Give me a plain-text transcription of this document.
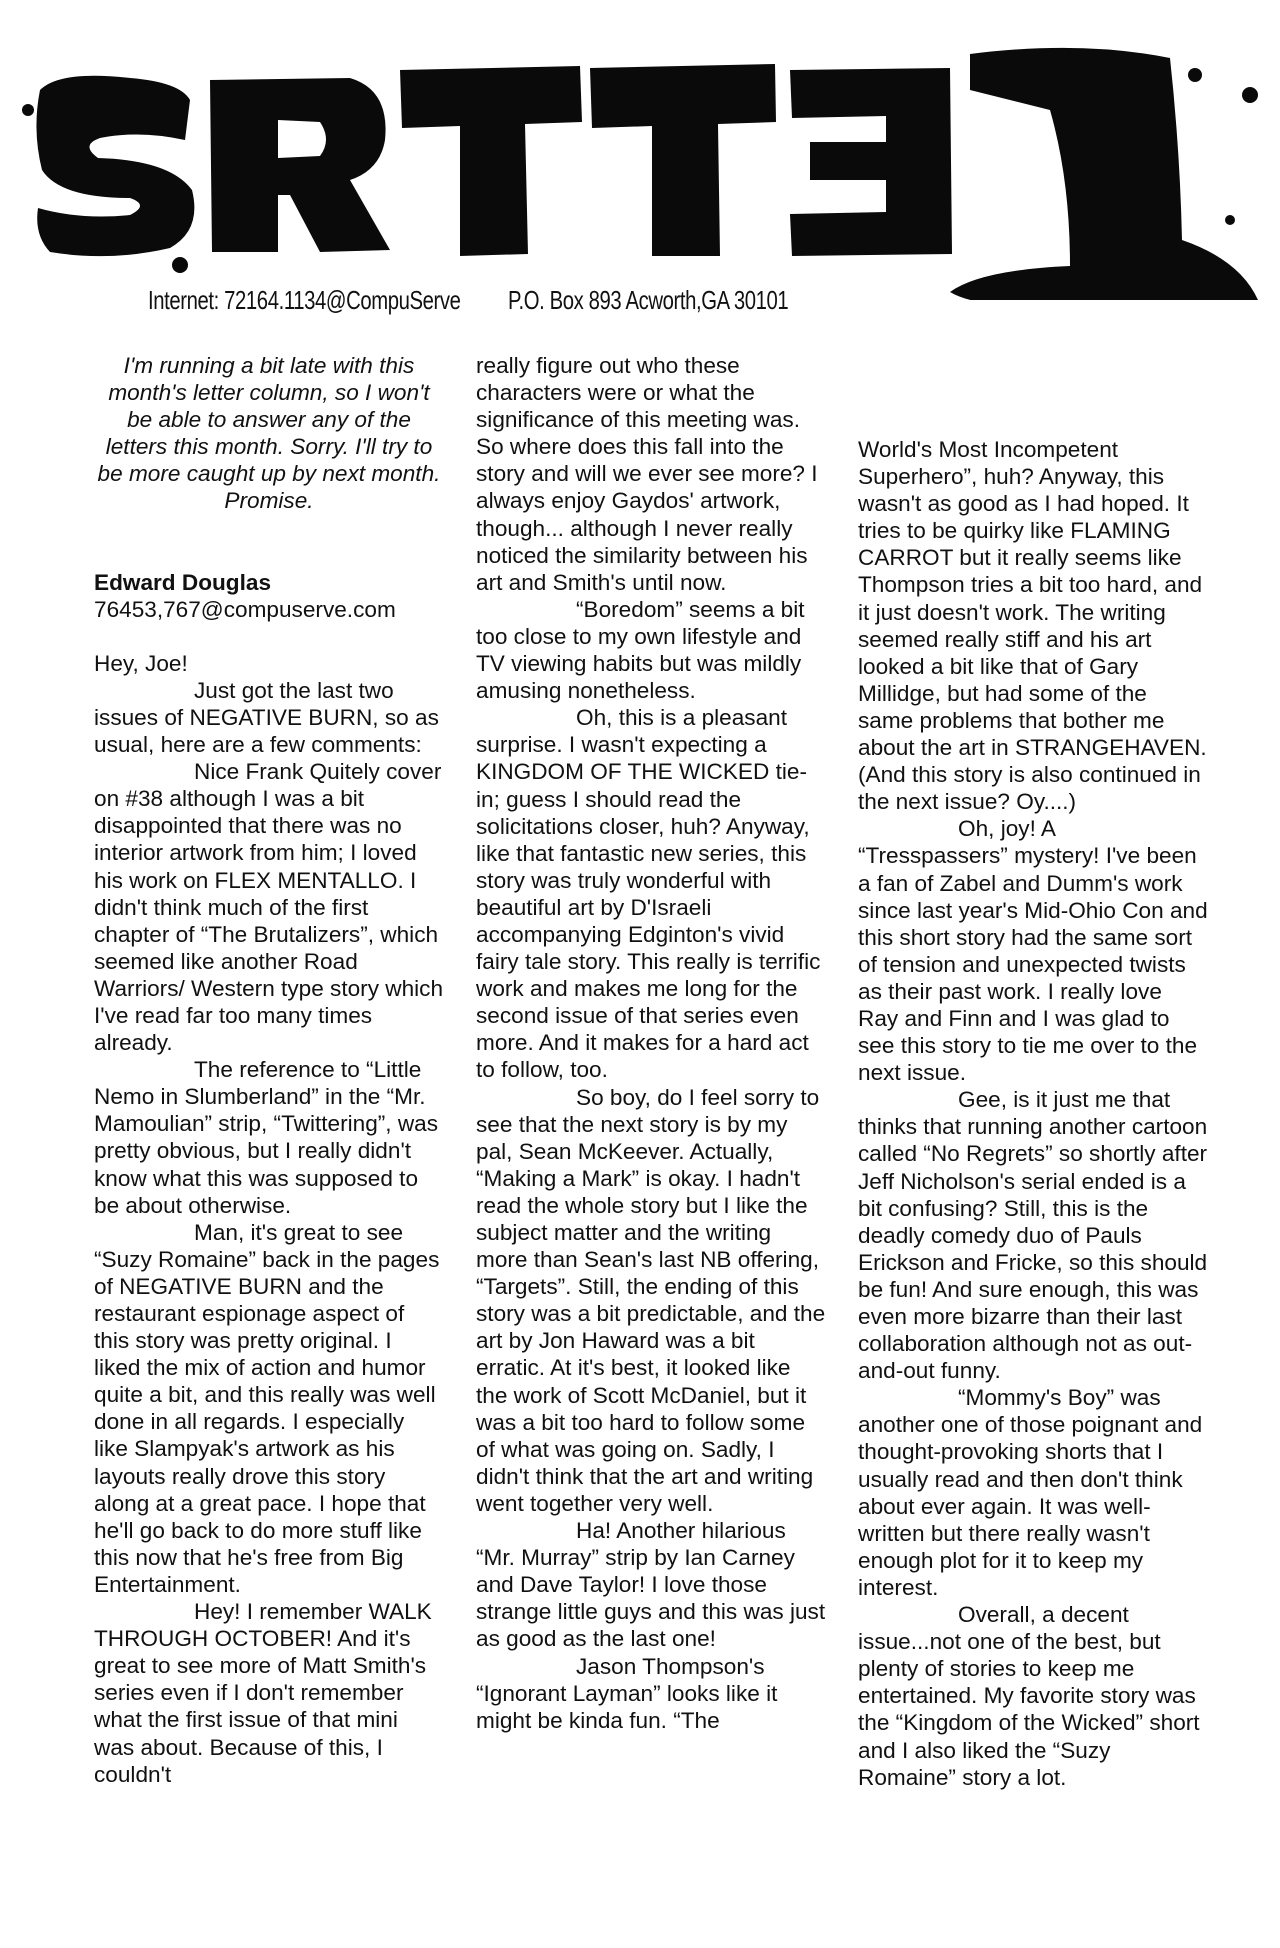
Internet: 72164.1134@CompuServe P.O. Box 893 Acworth,GA 30101

I'm running a bit late with this month's letter column, so I won't be able to answer any of the letters this month. Sorry. I'll try to be more caught up by next month. Promise.

Edward Douglas

76453,767@compuserve.com

Hey, Joe!

Just got the last two issues of NEGATIVE BURN, so as usual, here are a few comments:

Nice Frank Quitely cover on #38 although I was a bit disappointed that there was no interior artwork from him; I loved his work on FLEX MENTALLO. I didn't think much of the first chapter of “The Brutalizers”, which seemed like another Road Warriors/ Western type story which I've read far too many times already.

The reference to “Little Nemo in Slumberland” in the “Mr. Mamoulian” strip, “Twittering”, was pretty obvious, but I really didn't know what this was supposed to be about otherwise.

Man, it's great to see “Suzy Romaine” back in the pages of NEGATIVE BURN and the restaurant espionage aspect of this story was pretty original. I liked the mix of action and humor quite a bit, and this really was well done in all regards. I especially like Slampyak's artwork as his layouts really drove this story along at a great pace. I hope that he'll go back to do more stuff like this now that he's free from Big Entertainment.

Hey! I remember WALK THROUGH OCTOBER! And it's great to see more of Matt Smith's series even if I don't remember what the first issue of that mini was about. Because of this, I couldn't

really figure out who these characters were or what the significance of this meeting was. So where does this fall into the story and will we ever see more? I always enjoy Gaydos' artwork, though... although I never really noticed the similarity between his art and Smith's until now.

“Boredom” seems a bit too close to my own lifestyle and TV viewing habits but was mildly amusing nonetheless.

Oh, this is a pleasant surprise. I wasn't expecting a KINGDOM OF THE WICKED tie-in; guess I should read the solicitations closer, huh? Anyway, like that fantastic new series, this story was truly wonderful with beautiful art by D'Israeli accompanying Edginton's vivid fairy tale story. This really is terrific work and makes me long for the second issue of that series even more. And it makes for a hard act to follow, too.

So boy, do I feel sorry to see that the next story is by my pal, Sean McKeever. Actually, “Making a Mark” is okay. I hadn't read the whole story but I like the subject matter and the writing more than Sean's last NB offering, “Targets”. Still, the ending of this story was a bit predictable, and the art by Jon Haward was a bit erratic. At it's best, it looked like the work of Scott McDaniel, but it was a bit too hard to follow some of what was going on. Sadly, I didn't think that the art and writing went together very well.

Ha! Another hilarious “Mr. Murray” strip by Ian Carney and Dave Taylor! I love those strange little guys and this was just as good as the last one!

Jason Thompson's “Ignorant Layman” looks like it might be kinda fun. “The

World's Most Incompetent Superhero”, huh? Anyway, this wasn't as good as I had hoped. It tries to be quirky like FLAMING CARROT but it really seems like Thompson tries a bit too hard, and it just doesn't work. The writing seemed really stiff and his art looked a bit like that of Gary Millidge, but had some of the same problems that bother me about the art in STRANGEHAVEN. (And this story is also continued in the next issue? Oy....)

Oh, joy! A “Tresspassers” mystery! I've been a fan of Zabel and Dumm's work since last year's Mid-Ohio Con and this short story had the same sort of tension and unexpected twists as their past work. I really love Ray and Finn and I was glad to see this story to tie me over to the next issue.

Gee, is it just me that thinks that running another cartoon called “No Regrets” so shortly after Jeff Nicholson's serial ended is a bit confusing? Still, this is the deadly comedy duo of Pauls Erickson and Fricke, so this should be fun! And sure enough, this was even more bizarre than their last collaboration although not as out-and-out funny.

“Mommy's Boy” was another one of those poignant and thought-provoking shorts that I usually read and then don't think about ever again. It was well-written but there really wasn't enough plot for it to keep my interest.

Overall, a decent issue...not one of the best, but plenty of stories to keep me entertained. My favorite story was the “Kingdom of the Wicked” short and I also liked the “Suzy Romaine” story a lot.
